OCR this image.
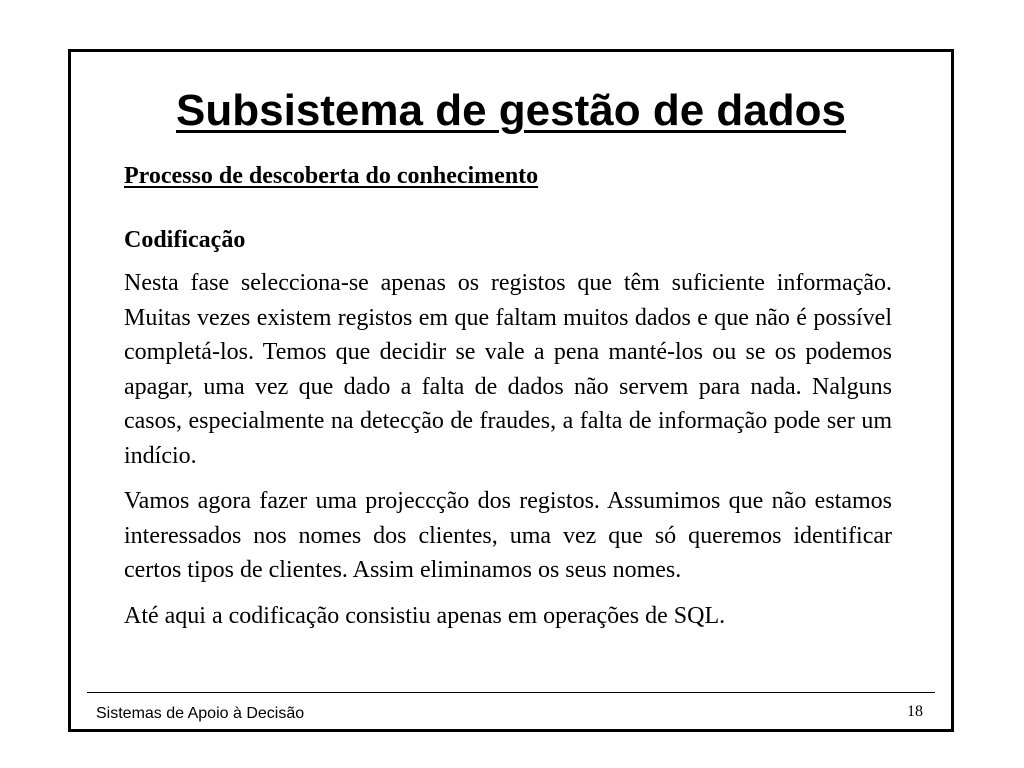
Subsistema de gestão de dados

Processo de descoberta do conhecimento

Codificação

Nesta fase selecciona-se apenas os registos que têm suficiente informação. Muitas vezes existem registos em que faltam muitos dados e que não é possível completá-los. Temos que decidir se vale a pena manté-los ou se os podemos apagar, uma vez que dado a falta de dados não servem para nada. Nalguns casos, especialmente na detecção de fraudes, a falta de informação pode ser um indício.

Vamos agora fazer uma projeccção dos registos. Assumimos que não estamos interessados nos nomes dos clientes, uma vez que só queremos identificar certos tipos de clientes. Assim eliminamos os seus nomes.

Até aqui a codificação consistiu apenas em operações de SQL.

Sistemas de Apoio à Decisão	18
